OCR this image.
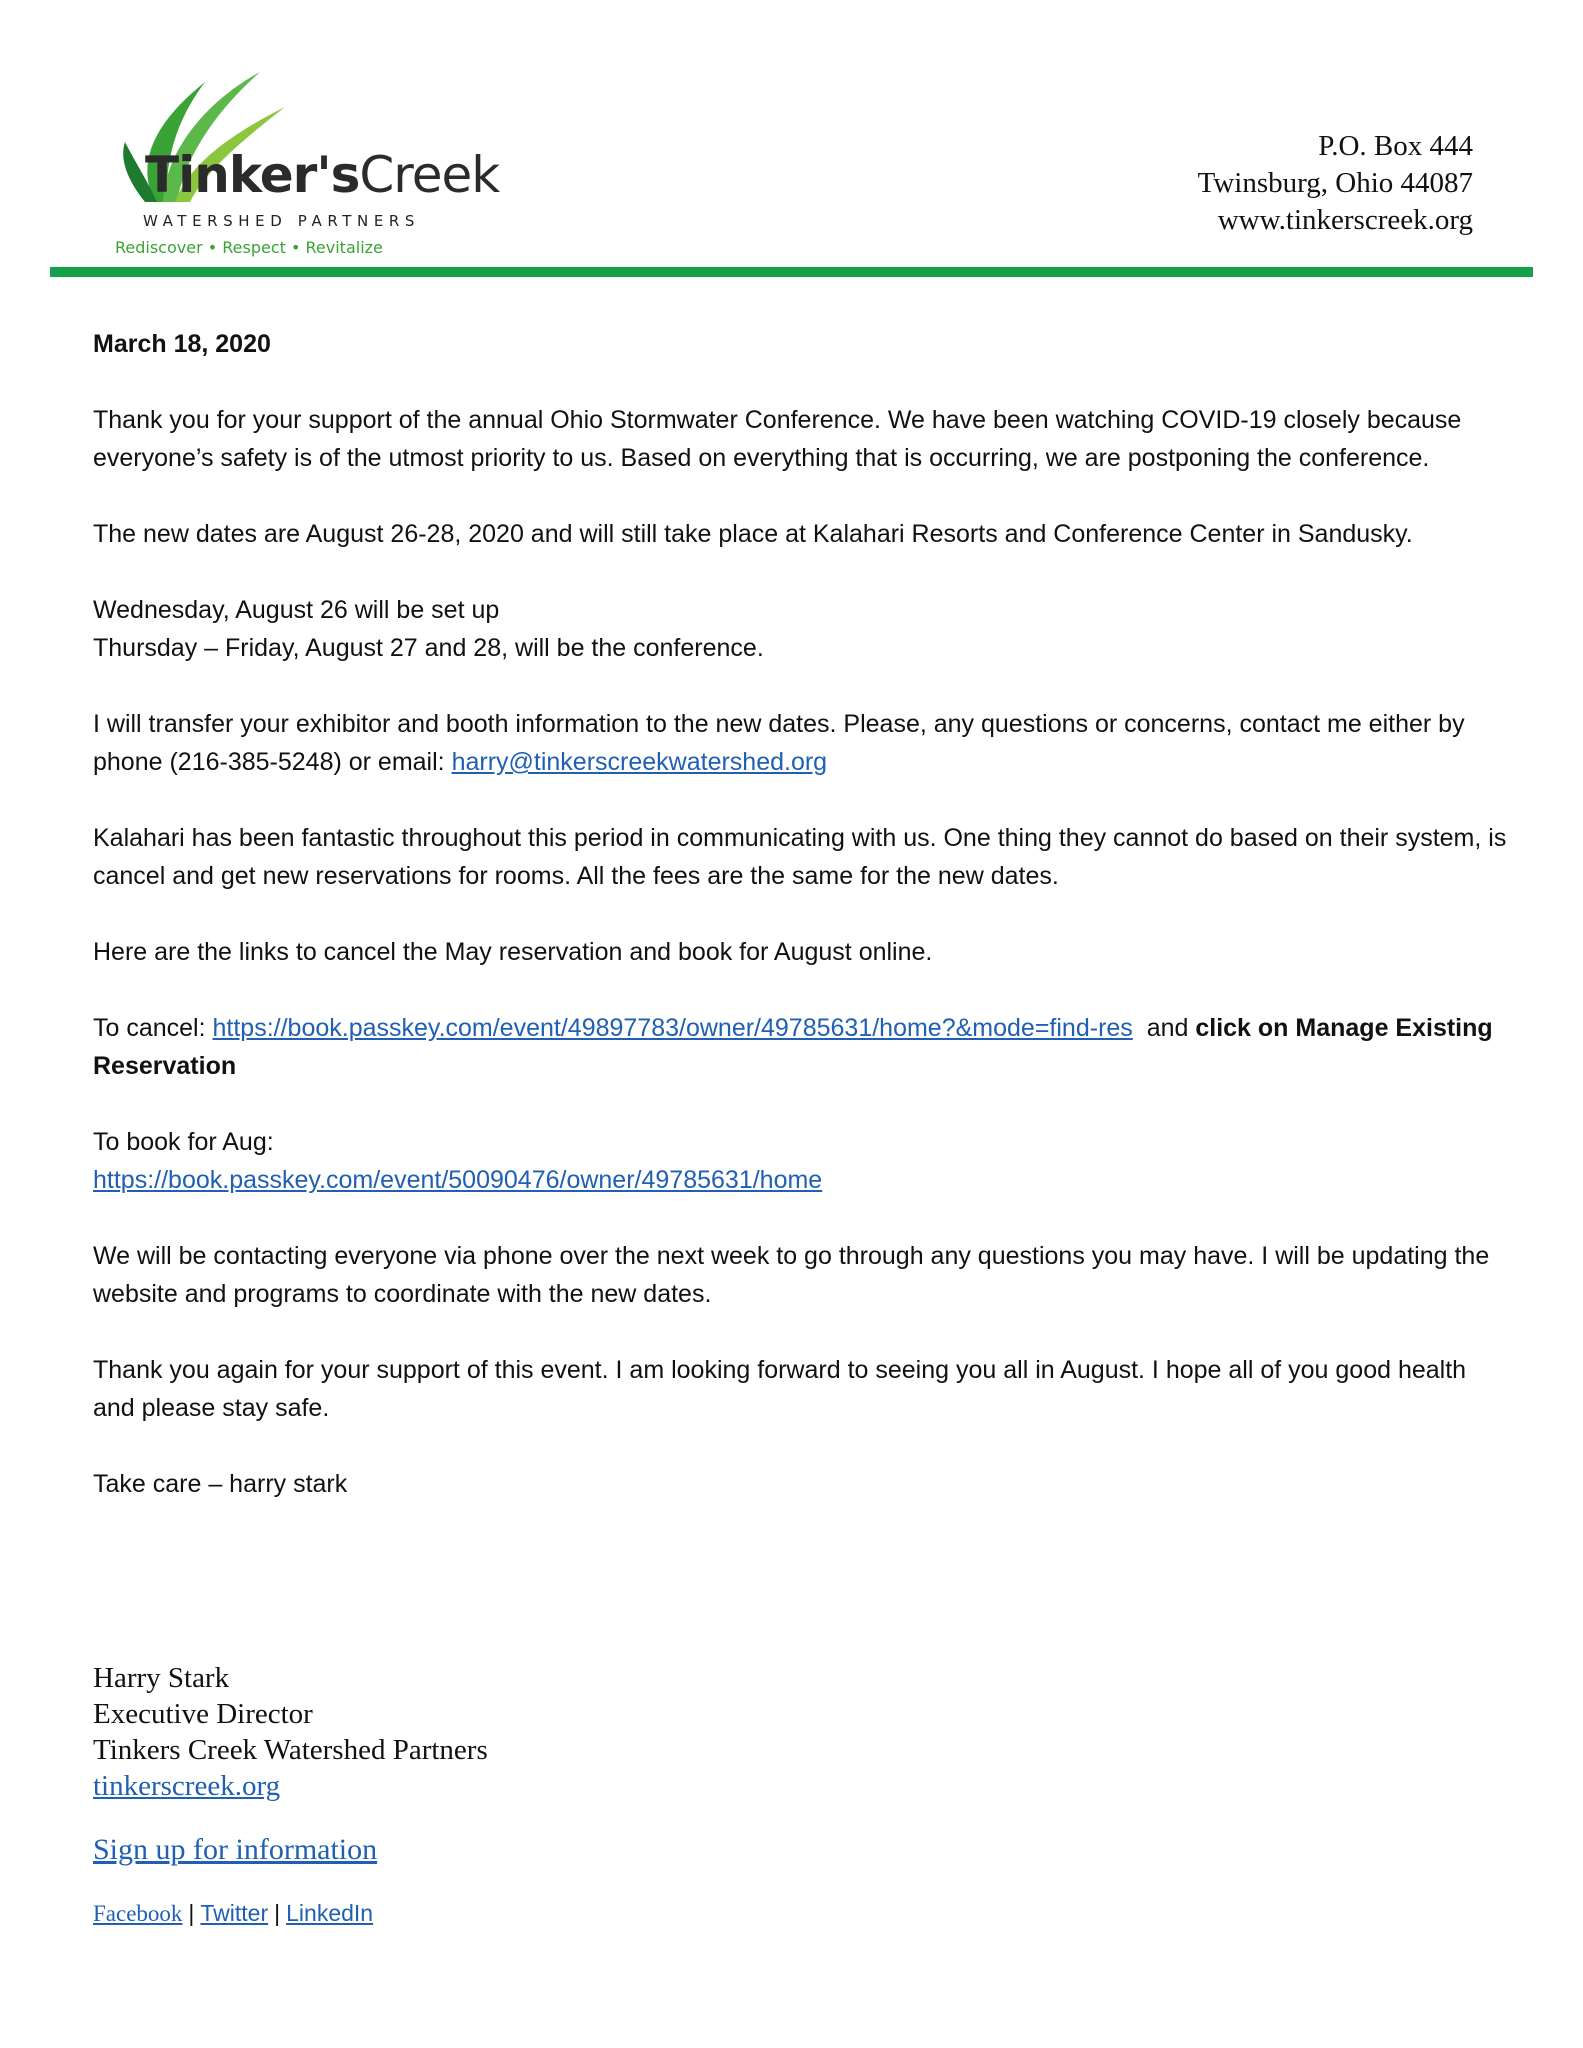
Tinker'sCreek
WATERSHED PARTNERS
Rediscover • Respect • Revitalize
P.O. Box 444
Twinsburg, Ohio 44087
www.tinkerscreek.org

March 18, 2020

Thank you for your support of the annual Ohio Stormwater Conference. We have been watching COVID-19 closely because everyone’s safety is of the utmost priority to us. Based on everything that is occurring, we are postponing the conference.

The new dates are August 26-28, 2020 and will still take place at Kalahari Resorts and Conference Center in Sandusky.

Wednesday, August 26 will be set up

Thursday – Friday, August 27 and 28, will be the conference.

I will transfer your exhibitor and booth information to the new dates. Please, any questions or concerns, contact me either by phone (216-385-5248) or email: harry@tinkerscreekwatershed.org

Kalahari has been fantastic throughout this period in communicating with us. One thing they cannot do based on their system, is cancel and get new reservations for rooms. All the fees are the same for the new dates.

Here are the links to cancel the May reservation and book for August online.

To cancel: https://book.passkey.com/event/49897783/owner/49785631/home?&mode=find-res  and click on Manage Existing Reservation

To book for Aug:

https://book.passkey.com/event/50090476/owner/49785631/home

We will be contacting everyone via phone over the next week to go through any questions you may have. I will be updating the website and programs to coordinate with the new dates.

Thank you again for your support of this event. I am looking forward to seeing you all in August. I hope all of you good health and please stay safe.

Take care – harry stark

Harry Stark
Executive Director
Tinkers Creek Watershed Partners
tinkerscreek.org
Sign up for information
Facebook | Twitter | LinkedIn
